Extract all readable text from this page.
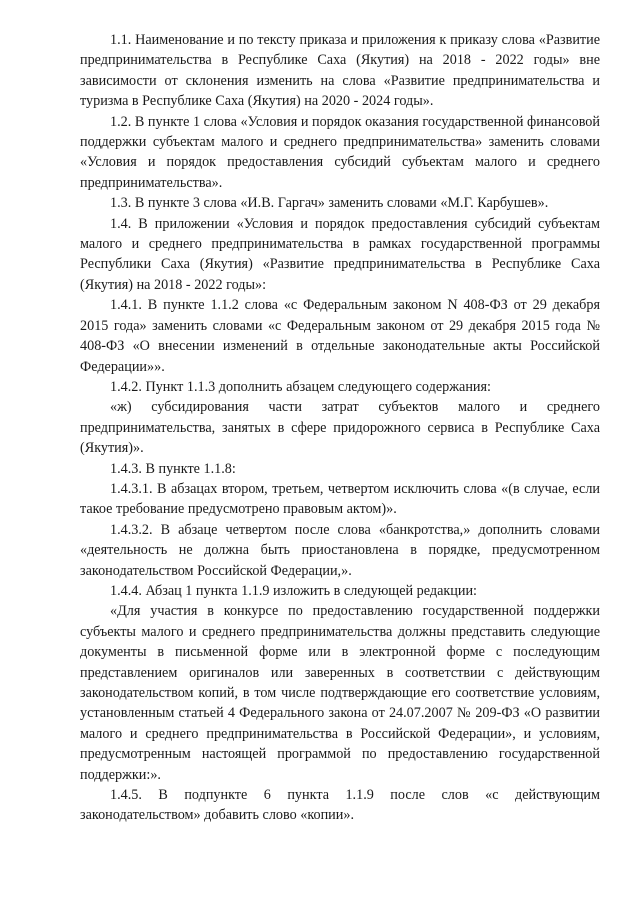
1.1. Наименование и по тексту приказа и приложения к приказу слова «Развитие предпринимательства в Республике Саха (Якутия) на 2018 - 2022 годы» вне зависимости от склонения изменить на слова «Развитие предпринимательства и туризма в Республике Саха (Якутия) на 2020 - 2024 годы».

1.2. В пункте 1 слова «Условия и порядок оказания государственной финансовой поддержки субъектам малого и среднего предпринимательства» заменить словами «Условия и порядок предоставления субсидий субъектам малого и среднего предпринимательства».

1.3. В пункте 3 слова «И.В. Гаргач» заменить словами «М.Г. Карбушев».

1.4. В приложении «Условия и порядок предоставления субсидий субъектам малого и среднего предпринимательства в рамках государственной программы Республики Саха (Якутия) «Развитие предпринимательства в Республике Саха (Якутия) на 2018 - 2022 годы»:

1.4.1. В пункте 1.1.2 слова «с Федеральным законом N 408-ФЗ от 29 декабря 2015 года» заменить словами «с Федеральным законом от 29 декабря 2015 года № 408-ФЗ «О внесении изменений в отдельные законодательные акты Российской Федерации»».

1.4.2. Пункт 1.1.3 дополнить абзацем следующего содержания:

«ж) субсидирования части затрат субъектов малого и среднего предпринимательства, занятых в сфере придорожного сервиса в Республике Саха (Якутия)».

1.4.3. В пункте 1.1.8:

1.4.3.1. В абзацах втором, третьем, четвертом исключить слова «(в случае, если такое требование предусмотрено правовым актом)».

1.4.3.2. В абзаце четвертом после слова «банкротства,» дополнить словами «деятельность не должна быть приостановлена в порядке, предусмотренном законодательством Российской Федерации,».

1.4.4. Абзац 1 пункта 1.1.9 изложить в следующей редакции:

«Для участия в конкурсе по предоставлению государственной поддержки субъекты малого и среднего предпринимательства должны представить следующие документы в письменной форме или в электронной форме с последующим представлением оригиналов или заверенных в соответствии с действующим законодательством копий, в том числе подтверждающие его соответствие условиям, установленным статьей 4 Федерального закона от 24.07.2007 № 209-ФЗ «О развитии малого и среднего предпринимательства в Российской Федерации», и условиям, предусмотренным настоящей программой по предоставлению государственной поддержки:».

1.4.5. В подпункте 6 пункта 1.1.9 после слов «с действующим законодательством» добавить слово «копии».
